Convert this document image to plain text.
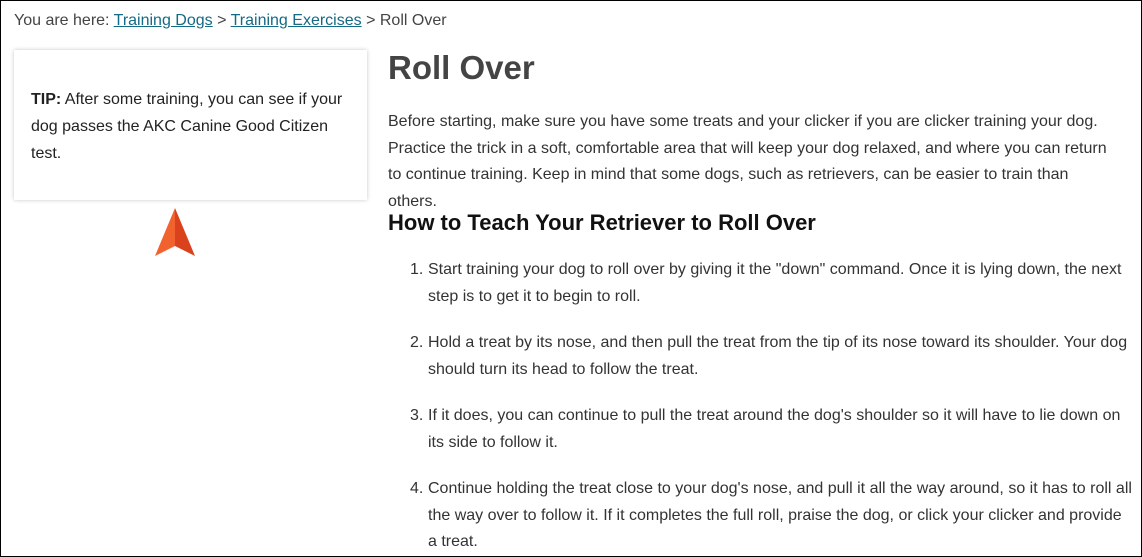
You are here: Training Dogs > Training Exercises > Roll Over
TIP: After some training, you can see if your dog passes the AKC Canine Good Citizen test.
Roll Over

Before starting, make sure you have some treats and your clicker if you are clicker training your dog. Practice the trick in a soft, comfortable area that will keep your dog relaxed, and where you can return to continue training. Keep in mind that some dogs, such as retrievers, can be easier to train than others.

How to Teach Your Retriever to Roll Over
1. Start training your dog to roll over by giving it the "down" command. Once it is lying down, the next step is to get it to begin to roll.
2. Hold a treat by its nose, and then pull the treat from the tip of its nose toward its shoulder. Your dog should turn its head to follow the treat.
3. If it does, you can continue to pull the treat around the dog's shoulder so it will have to lie down on its side to follow it.
4. Continue holding the treat close to your dog's nose, and pull it all the way around, so it has to roll all the way over to follow it. If it completes the full roll, praise the dog, or click your clicker and provide a treat.
